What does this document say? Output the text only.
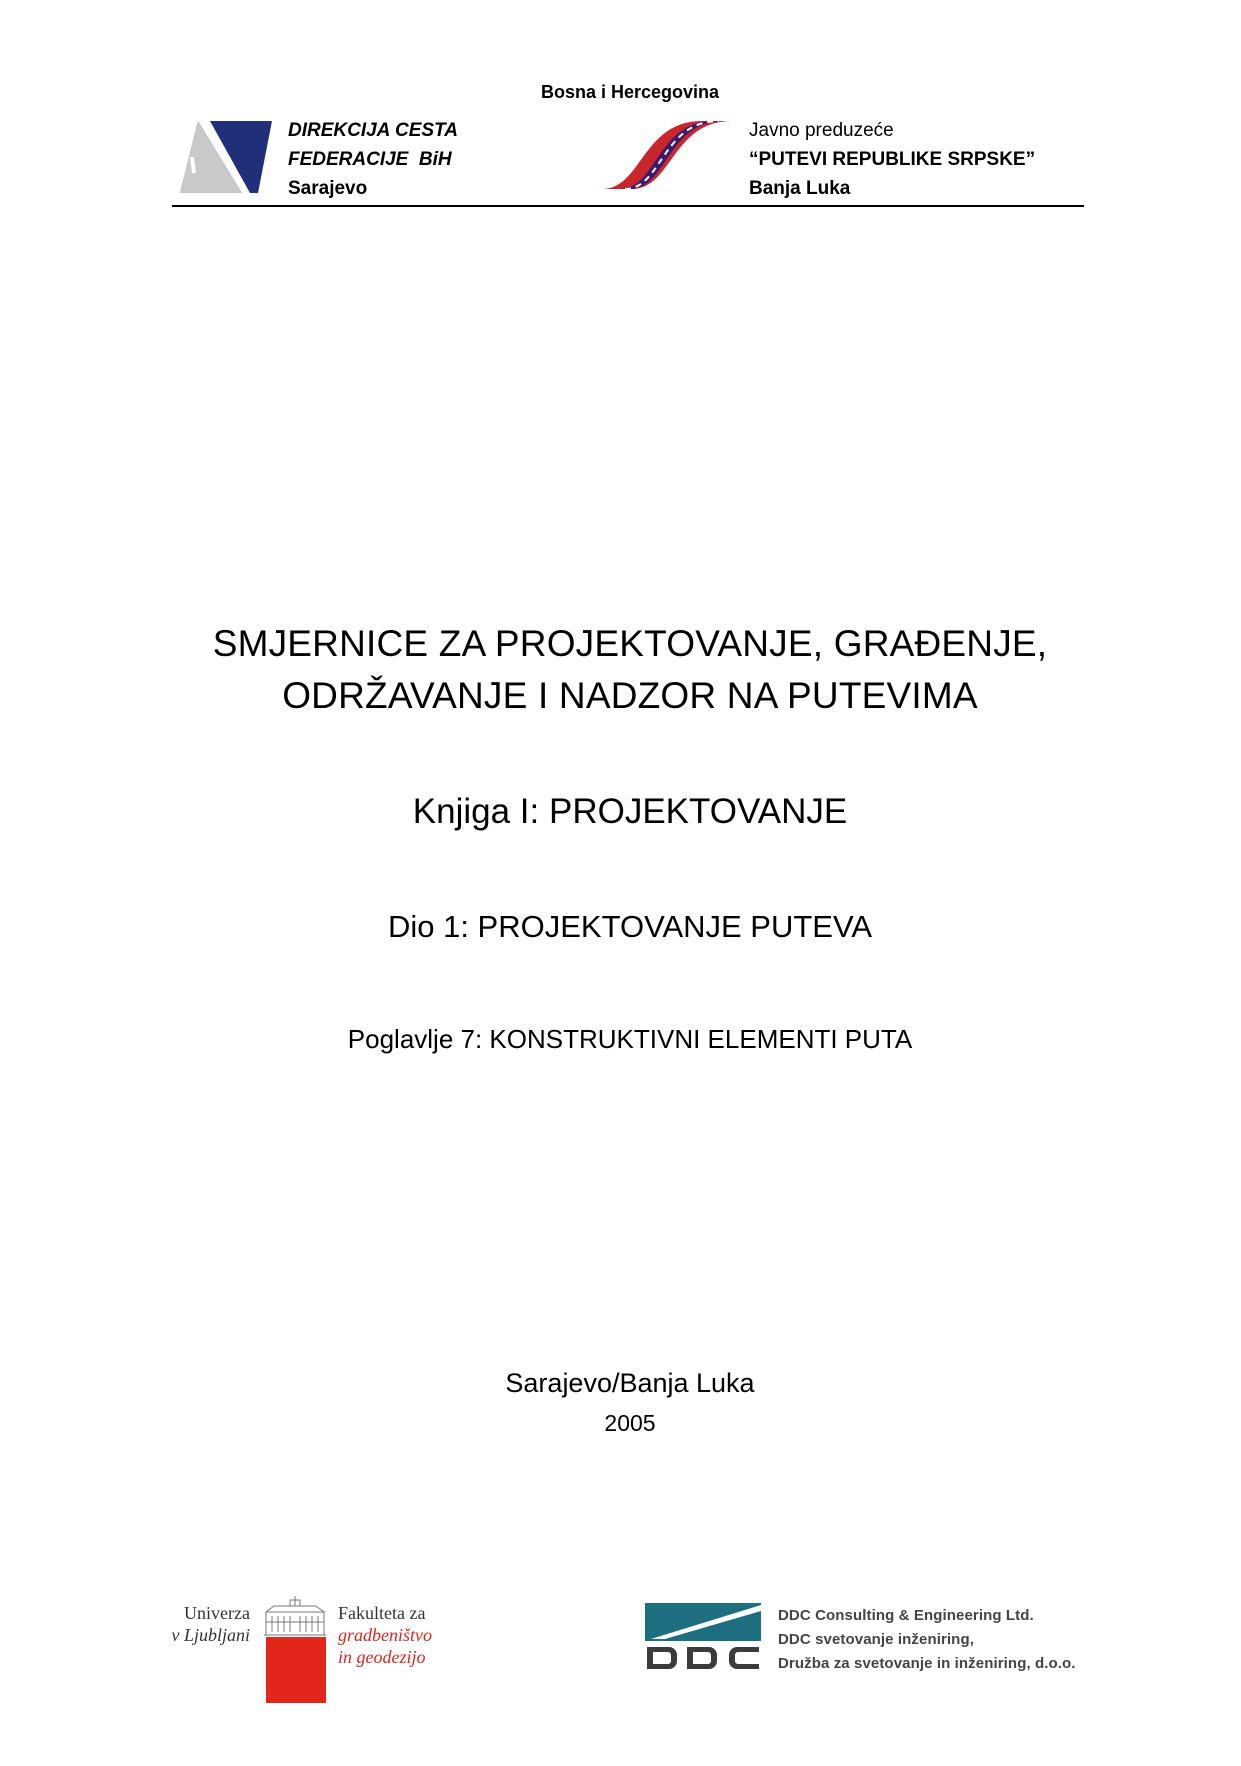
Bosna i Hercegovina
DIREKCIJA CESTA
FEDERACIJE  BiH
Sarajevo
Javno preduzeće
“PUTEVI REPUBLIKE SRPSKE”
Banja Luka
SMJERNICE ZA PROJEKTOVANJE, GRAĐENJE,
ODRŽAVANJE I NADZOR NA PUTEVIMA
Knjiga I: PROJEKTOVANJE
Dio 1: PROJEKTOVANJE PUTEVA
Poglavlje 7: KONSTRUKTIVNI ELEMENTI PUTA
Sarajevo/Banja Luka
2005
Univerza
v Ljubljani
Fakulteta za
gradbeništvo
in geodezijo
DDC Consulting & Engineering Ltd.
DDC svetovanje inženiring,
Družba za svetovanje in inženiring, d.o.o.
